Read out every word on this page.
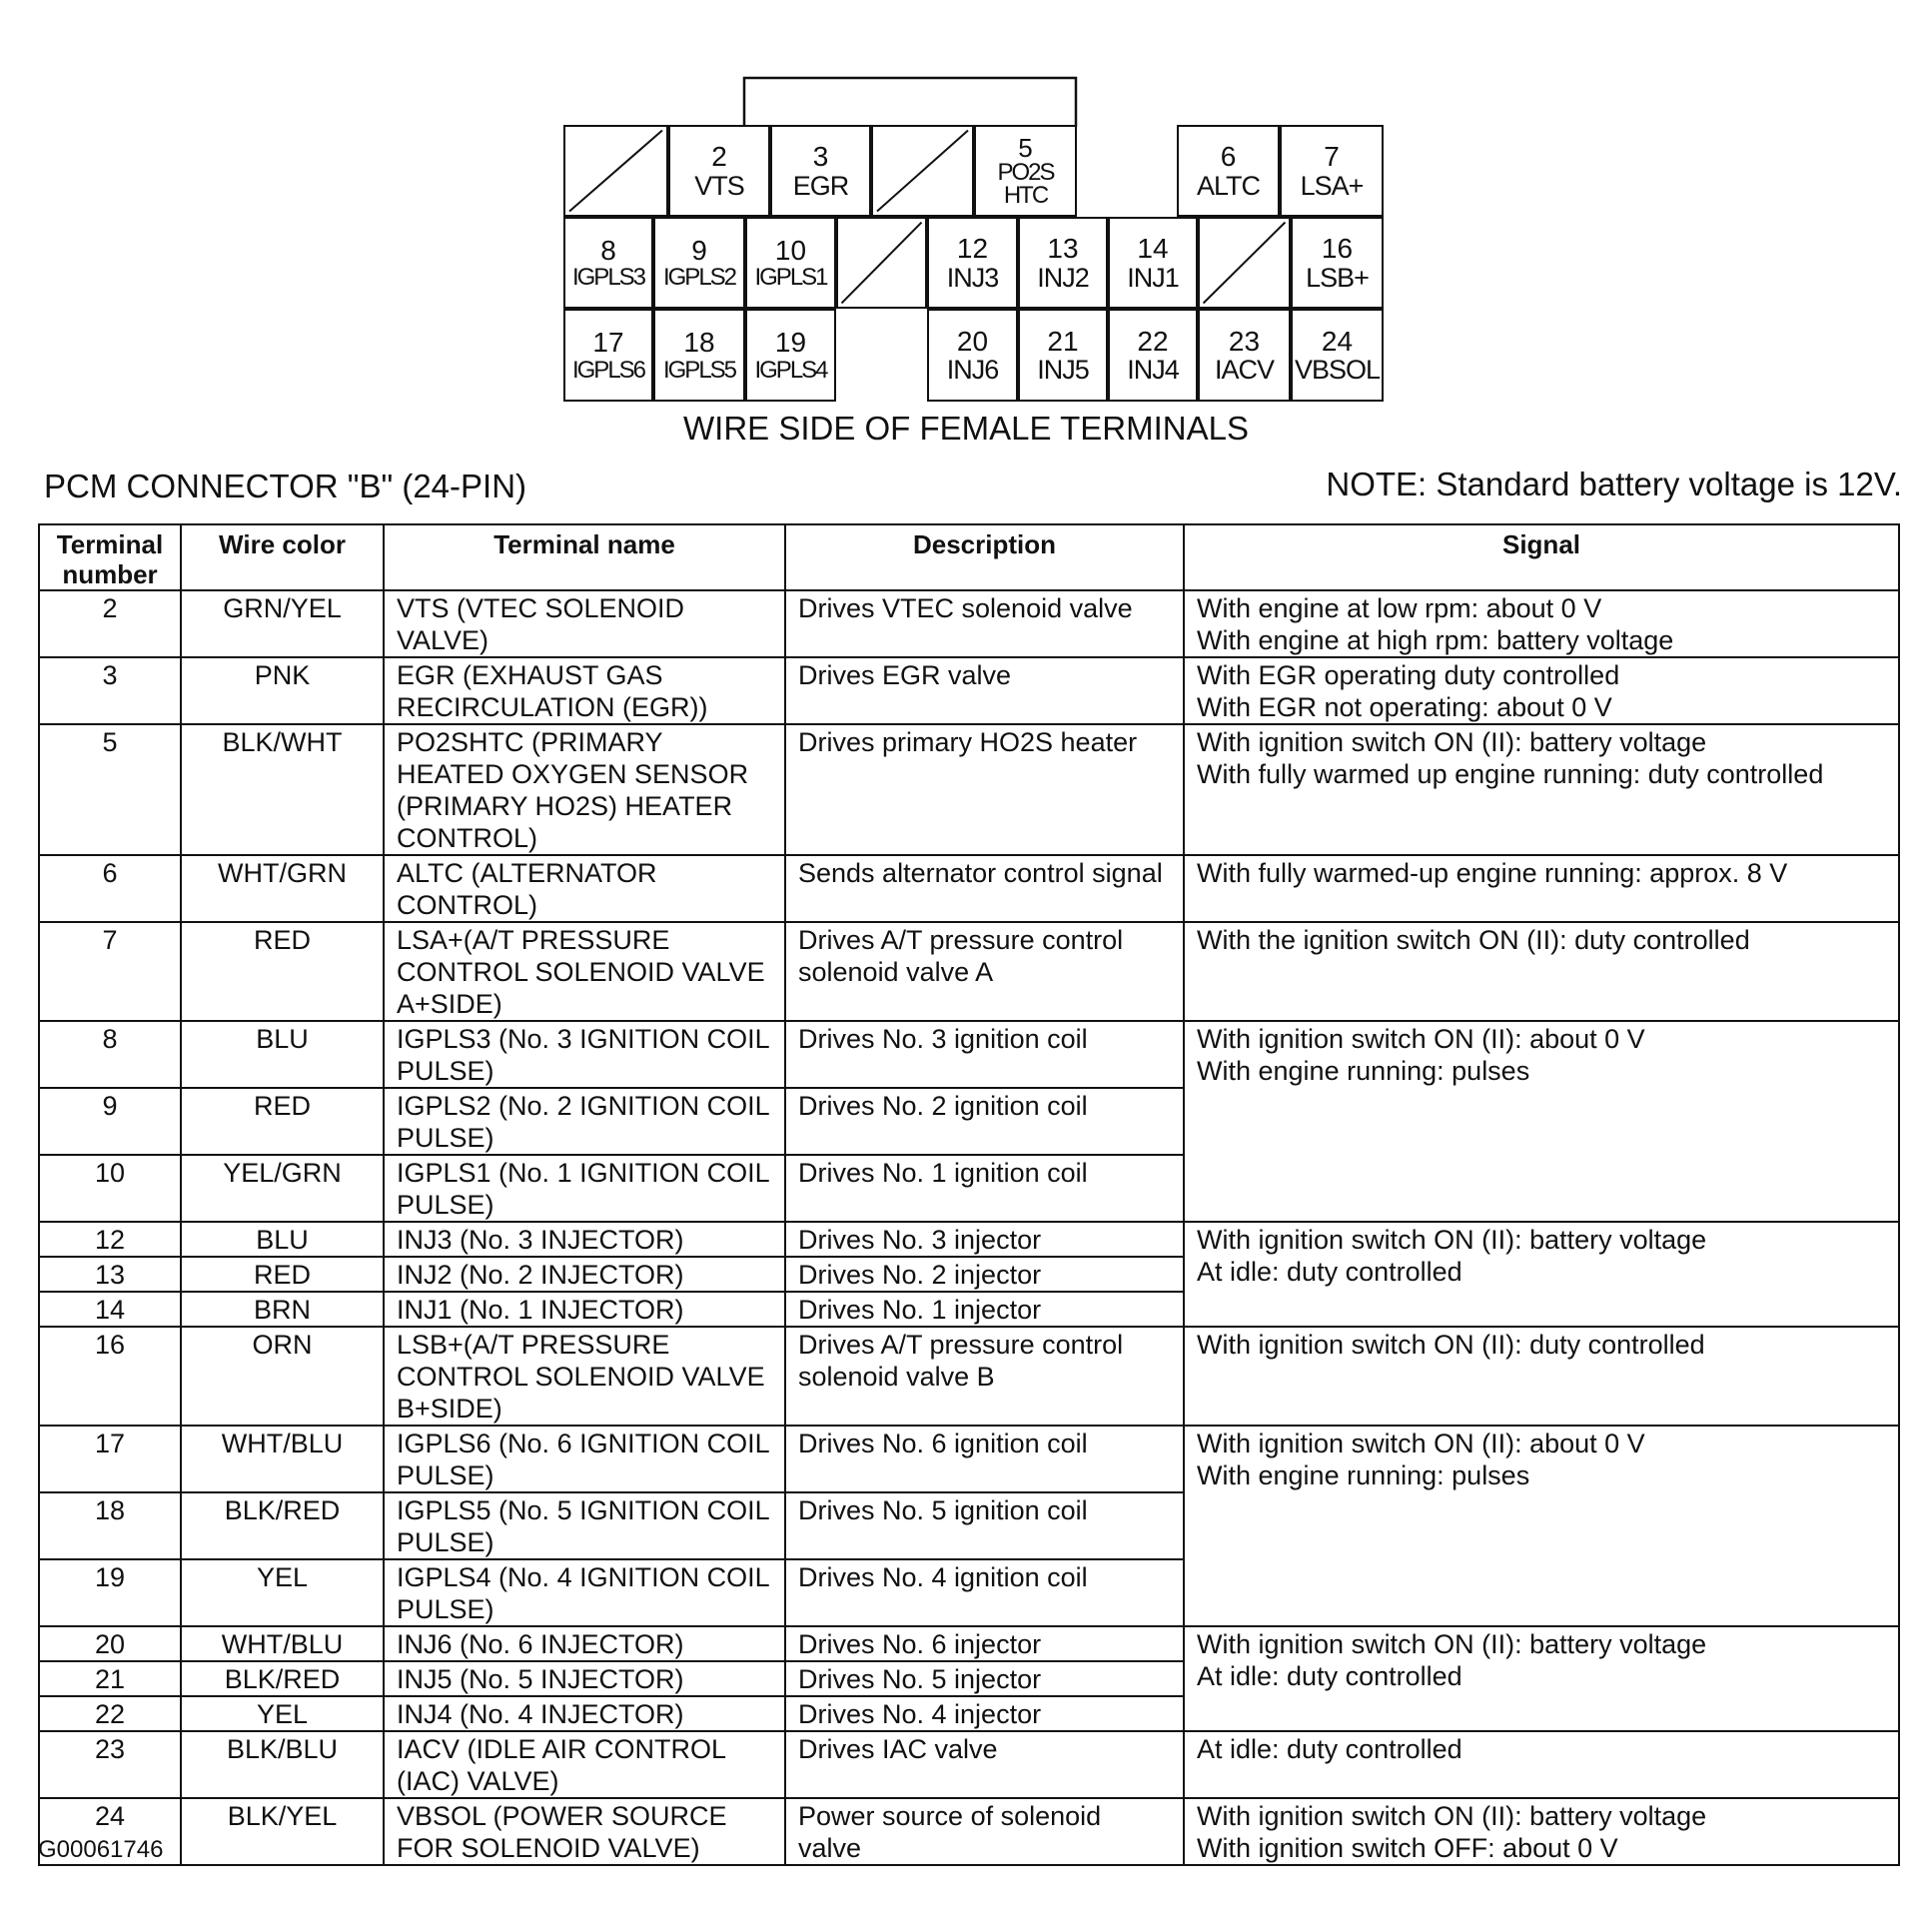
2
VTS
3
EGR
5
PO2S
HTC
6
ALTC
7
LSA+
8
IGPLS3
9
IGPLS2
10
IGPLS1
12
INJ3
13
INJ2
14
INJ1
16
LSB+
17
IGPLS6
18
IGPLS5
19
IGPLS4
20
INJ6
21
INJ5
22
INJ4
23
IACV
24
VBSOL
WIRE SIDE OF FEMALE TERMINALS
PCM CONNECTOR "B" (24-PIN)	NOTE: Standard battery voltage is 12V.
Terminal number	Wire color	Terminal name	Description	Signal
2	GRN/YEL	VTS (VTEC SOLENOID VALVE)	Drives VTEC solenoid valve	With engine at low rpm: about 0 V
With engine at high rpm: battery voltage
3	PNK	EGR (EXHAUST GAS RECIRCULATION (EGR))	Drives EGR valve	With EGR operating duty controlled
With EGR not operating: about 0 V
5	BLK/WHT	PO2SHTC (PRIMARY HEATED OXYGEN SENSOR (PRIMARY HO2S) HEATER CONTROL)	Drives primary HO2S heater	With ignition switch ON (II): battery voltage
With fully warmed up engine running: duty controlled
6	WHT/GRN	ALTC (ALTERNATOR CONTROL)	Sends alternator control signal	With fully warmed-up engine running: approx. 8 V
7	RED	LSA+(A/T PRESSURE CONTROL SOLENOID VALVE A+SIDE)	Drives A/T pressure control solenoid valve A	With the ignition switch ON (II): duty controlled
8	BLU	IGPLS3 (No. 3 IGNITION COIL PULSE)	Drives No. 3 ignition coil	With ignition switch ON (II): about 0 V
With engine running: pulses
9	RED	IGPLS2 (No. 2 IGNITION COIL PULSE)	Drives No. 2 ignition coil	
10	YEL/GRN	IGPLS1 (No. 1 IGNITION COIL PULSE)	Drives No. 1 ignition coil	
12	BLU	INJ3 (No. 3 INJECTOR)	Drives No. 3 injector	With ignition switch ON (II): battery voltage
At idle: duty controlled
13	RED	INJ2 (No. 2 INJECTOR)	Drives No. 2 injector	
14	BRN	INJ1 (No. 1 INJECTOR)	Drives No. 1 injector	
16	ORN	LSB+(A/T PRESSURE CONTROL SOLENOID VALVE B+SIDE)	Drives A/T pressure control solenoid valve B	With ignition switch ON (II): duty controlled
17	WHT/BLU	IGPLS6 (No. 6 IGNITION COIL PULSE)	Drives No. 6 ignition coil	With ignition switch ON (II): about 0 V
With engine running: pulses
18	BLK/RED	IGPLS5 (No. 5 IGNITION COIL PULSE)	Drives No. 5 ignition coil	
19	YEL	IGPLS4 (No. 4 IGNITION COIL PULSE)	Drives No. 4 ignition coil	
20	WHT/BLU	INJ6 (No. 6 INJECTOR)	Drives No. 6 injector	With ignition switch ON (II): battery voltage
At idle: duty controlled
21	BLK/RED	INJ5 (No. 5 INJECTOR)	Drives No. 5 injector	
22	YEL	INJ4 (No. 4 INJECTOR)	Drives No. 4 injector	
23	BLK/BLU	IACV (IDLE AIR CONTROL (IAC) VALVE)	Drives IAC valve	At idle: duty controlled
24	BLK/YEL	VBSOL (POWER SOURCE FOR SOLENOID VALVE)	Power source of solenoid valve	With ignition switch ON (II): battery voltage
With ignition switch OFF: about 0 V
G00061746
